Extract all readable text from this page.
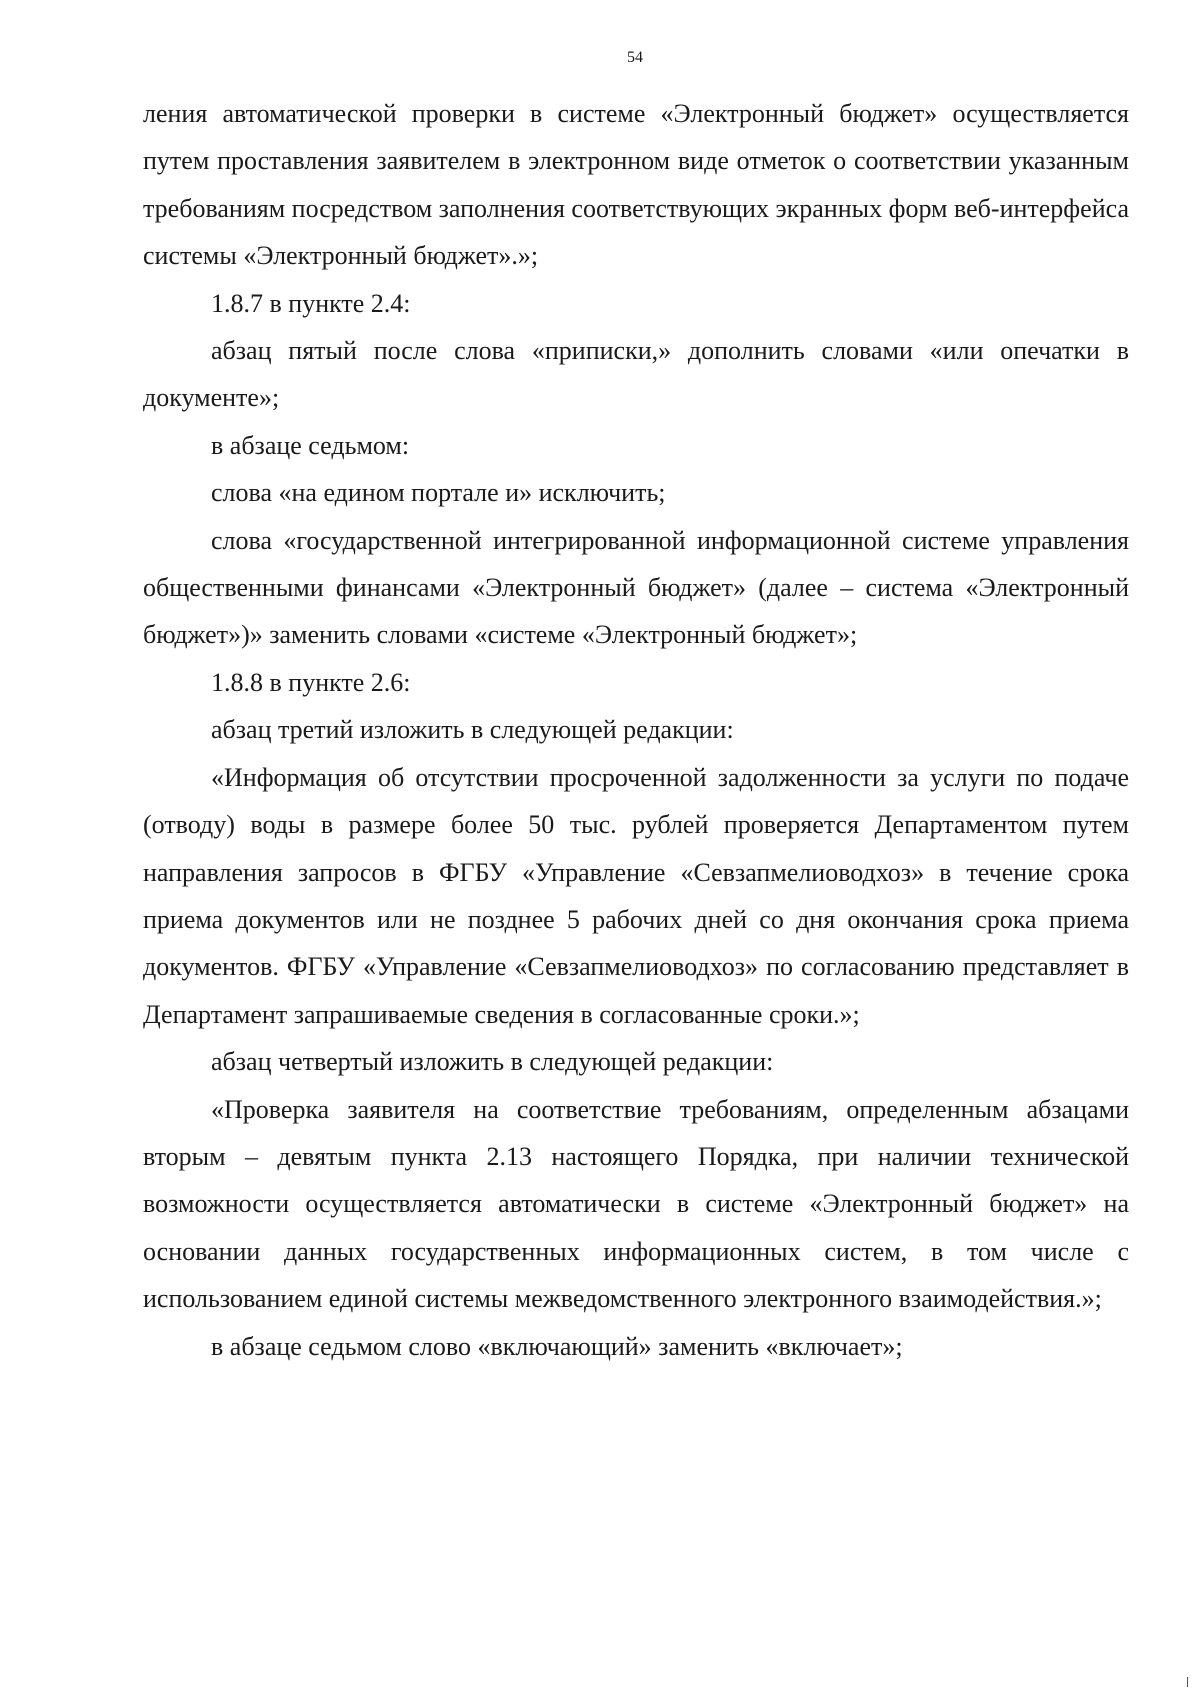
54

ления автоматической проверки в системе «Электронный бюджет» осуществляется путем проставления заявителем в электронном виде отметок о соответствии указанным требованиям посредством заполнения соответствующих экранных форм веб-интерфейса системы «Электронный бюджет».»;

1.8.7 в пункте 2.4:

абзац пятый после слова «приписки,» дополнить словами «или опечатки в документе»;

в абзаце седьмом:

слова «на едином портале и» исключить;

слова «государственной интегрированной информационной системе управления общественными финансами «Электронный бюджет» (далее – система «Электронный бюджет»)» заменить словами «системе «Электронный бюджет»;

1.8.8 в пункте 2.6:

абзац третий изложить в следующей редакции:

«Информация об отсутствии просроченной задолженности за услуги по подаче (отводу) воды в размере более 50 тыс. рублей проверяется Департаментом путем направления запросов в ФГБУ «Управление «Севзапмелиоводхоз» в течение срока приема документов или не позднее 5 рабочих дней со дня окончания срока приема документов. ФГБУ «Управление «Севзапмелиоводхоз» по согласованию представляет в Департамент запрашиваемые сведения в согласованные сроки.»;

абзац четвертый изложить в следующей редакции:

«Проверка заявителя на соответствие требованиям, определенным абзацами вторым – девятым пункта 2.13 настоящего Порядка, при наличии технической возможности осуществляется автоматически в системе «Электронный бюджет» на основании данных государственных информационных систем, в том числе с использованием единой системы межведомственного электронного взаимодействия.»;

в абзаце седьмом слово «включающий» заменить «включает»;
